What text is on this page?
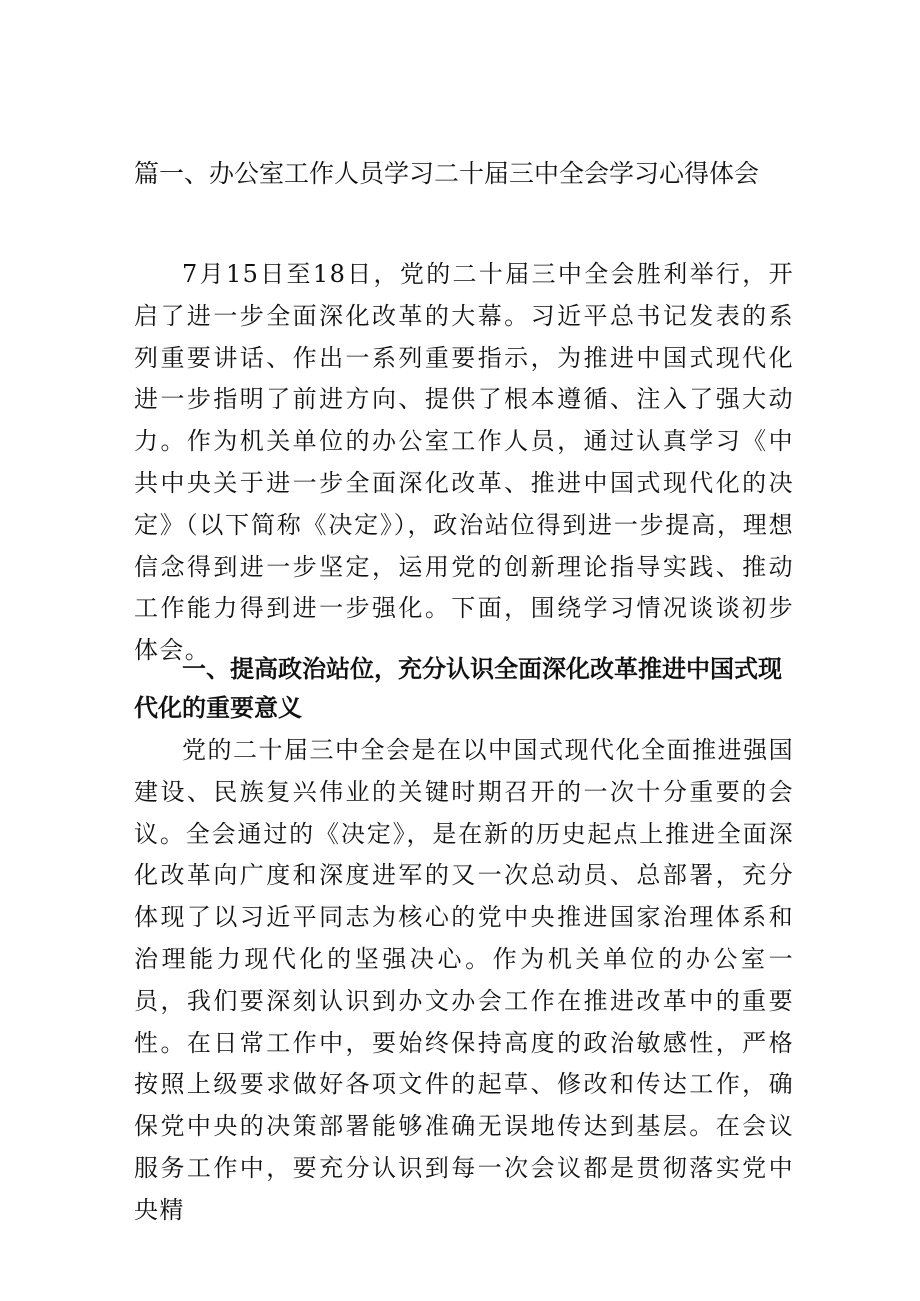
篇一、办公室工作人员学习二十届三中全会学习心得体会

7月15日至18日，党的二十届三中全会胜利举行，开启了进一步全面深化改革的大幕。习近平总书记发表的系列重要讲话、作出一系列重要指示，为推进中国式现代化进一步指明了前进方向、提供了根本遵循、注入了强大动力。作为机关单位的办公室工作人员，通过认真学习《中共中央关于进一步全面深化改革、推进中国式现代化的决定》（以下简称《决定》），政治站位得到进一步提高，理想信念得到进一步坚定，运用党的创新理论指导实践、推动工作能力得到进一步强化。下面，围绕学习情况谈谈初步体会。

一、提高政治站位，充分认识全面深化改革推进中国式现代化的重要意义

党的二十届三中全会是在以中国式现代化全面推进强国建设、民族复兴伟业的关键时期召开的一次十分重要的会议。全会通过的《决定》，是在新的历史起点上推进全面深化改革向广度和深度进军的又一次总动员、总部署，充分体现了以习近平同志为核心的党中央推进国家治理体系和治理能力现代化的坚强决心。作为机关单位的办公室一员，我们要深刻认识到办文办会工作在推进改革中的重要性。在日常工作中，要始终保持高度的政治敏感性，严格按照上级要求做好各项文件的起草、修改和传达工作，确保党中央的决策部署能够准确无误地传达到基层。在会议服务工作中，要充分认识到每一次会议都是贯彻落实党中央精
